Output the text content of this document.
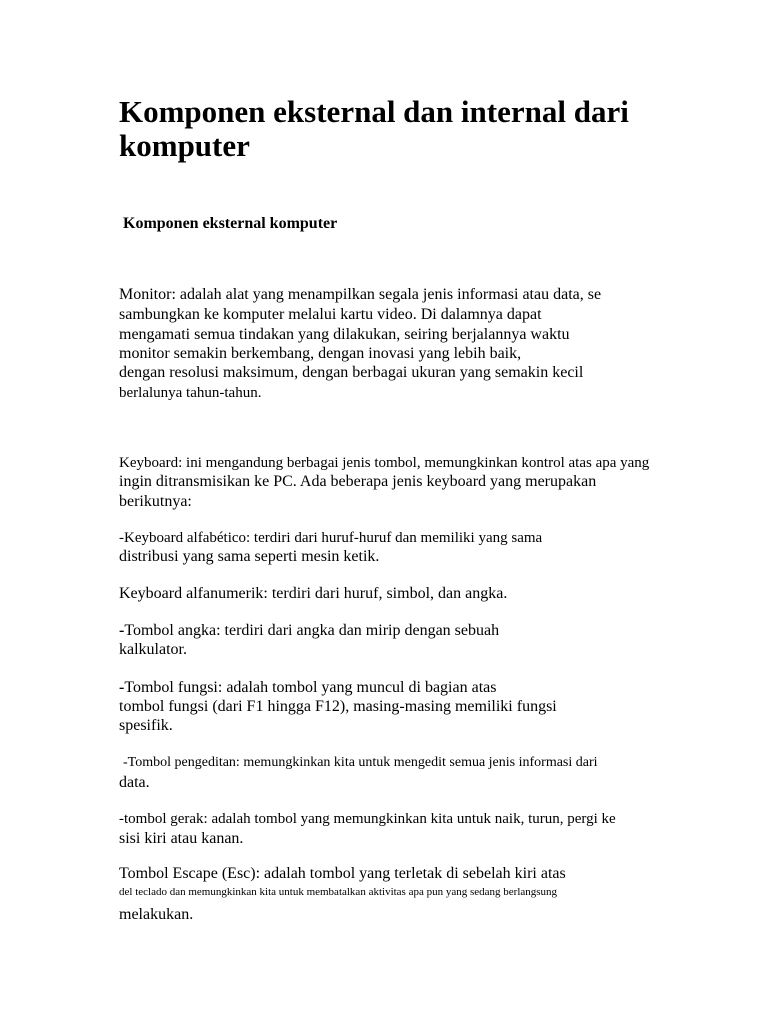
Komponen eksternal dan internal dari
komputer
Komponen eksternal komputer
Monitor: adalah alat yang menampilkan segala jenis informasi atau data, se
sambungkan ke komputer melalui kartu video. Di dalamnya dapat
mengamati semua tindakan yang dilakukan, seiring berjalannya waktu
monitor semakin berkembang, dengan inovasi yang lebih baik,
dengan resolusi maksimum, dengan berbagai ukuran yang semakin kecil
berlalunya tahun-tahun.
Keyboard: ini mengandung berbagai jenis tombol, memungkinkan kontrol atas apa yang
ingin ditransmisikan ke PC. Ada beberapa jenis keyboard yang merupakan
berikutnya:
-Keyboard alfabético: terdiri dari huruf-huruf dan memiliki yang sama
distribusi yang sama seperti mesin ketik.
Keyboard alfanumerik: terdiri dari huruf, simbol, dan angka.
-Tombol angka: terdiri dari angka dan mirip dengan sebuah
kalkulator.
-Tombol fungsi: adalah tombol yang muncul di bagian atas
tombol fungsi (dari F1 hingga F12), masing-masing memiliki fungsi
spesifik.
-Tombol pengeditan: memungkinkan kita untuk mengedit semua jenis informasi dari
data.
-tombol gerak: adalah tombol yang memungkinkan kita untuk naik, turun, pergi ke
sisi kiri atau kanan.
Tombol Escape (Esc): adalah tombol yang terletak di sebelah kiri atas
del teclado dan memungkinkan kita untuk membatalkan aktivitas apa pun yang sedang berlangsung
melakukan.
